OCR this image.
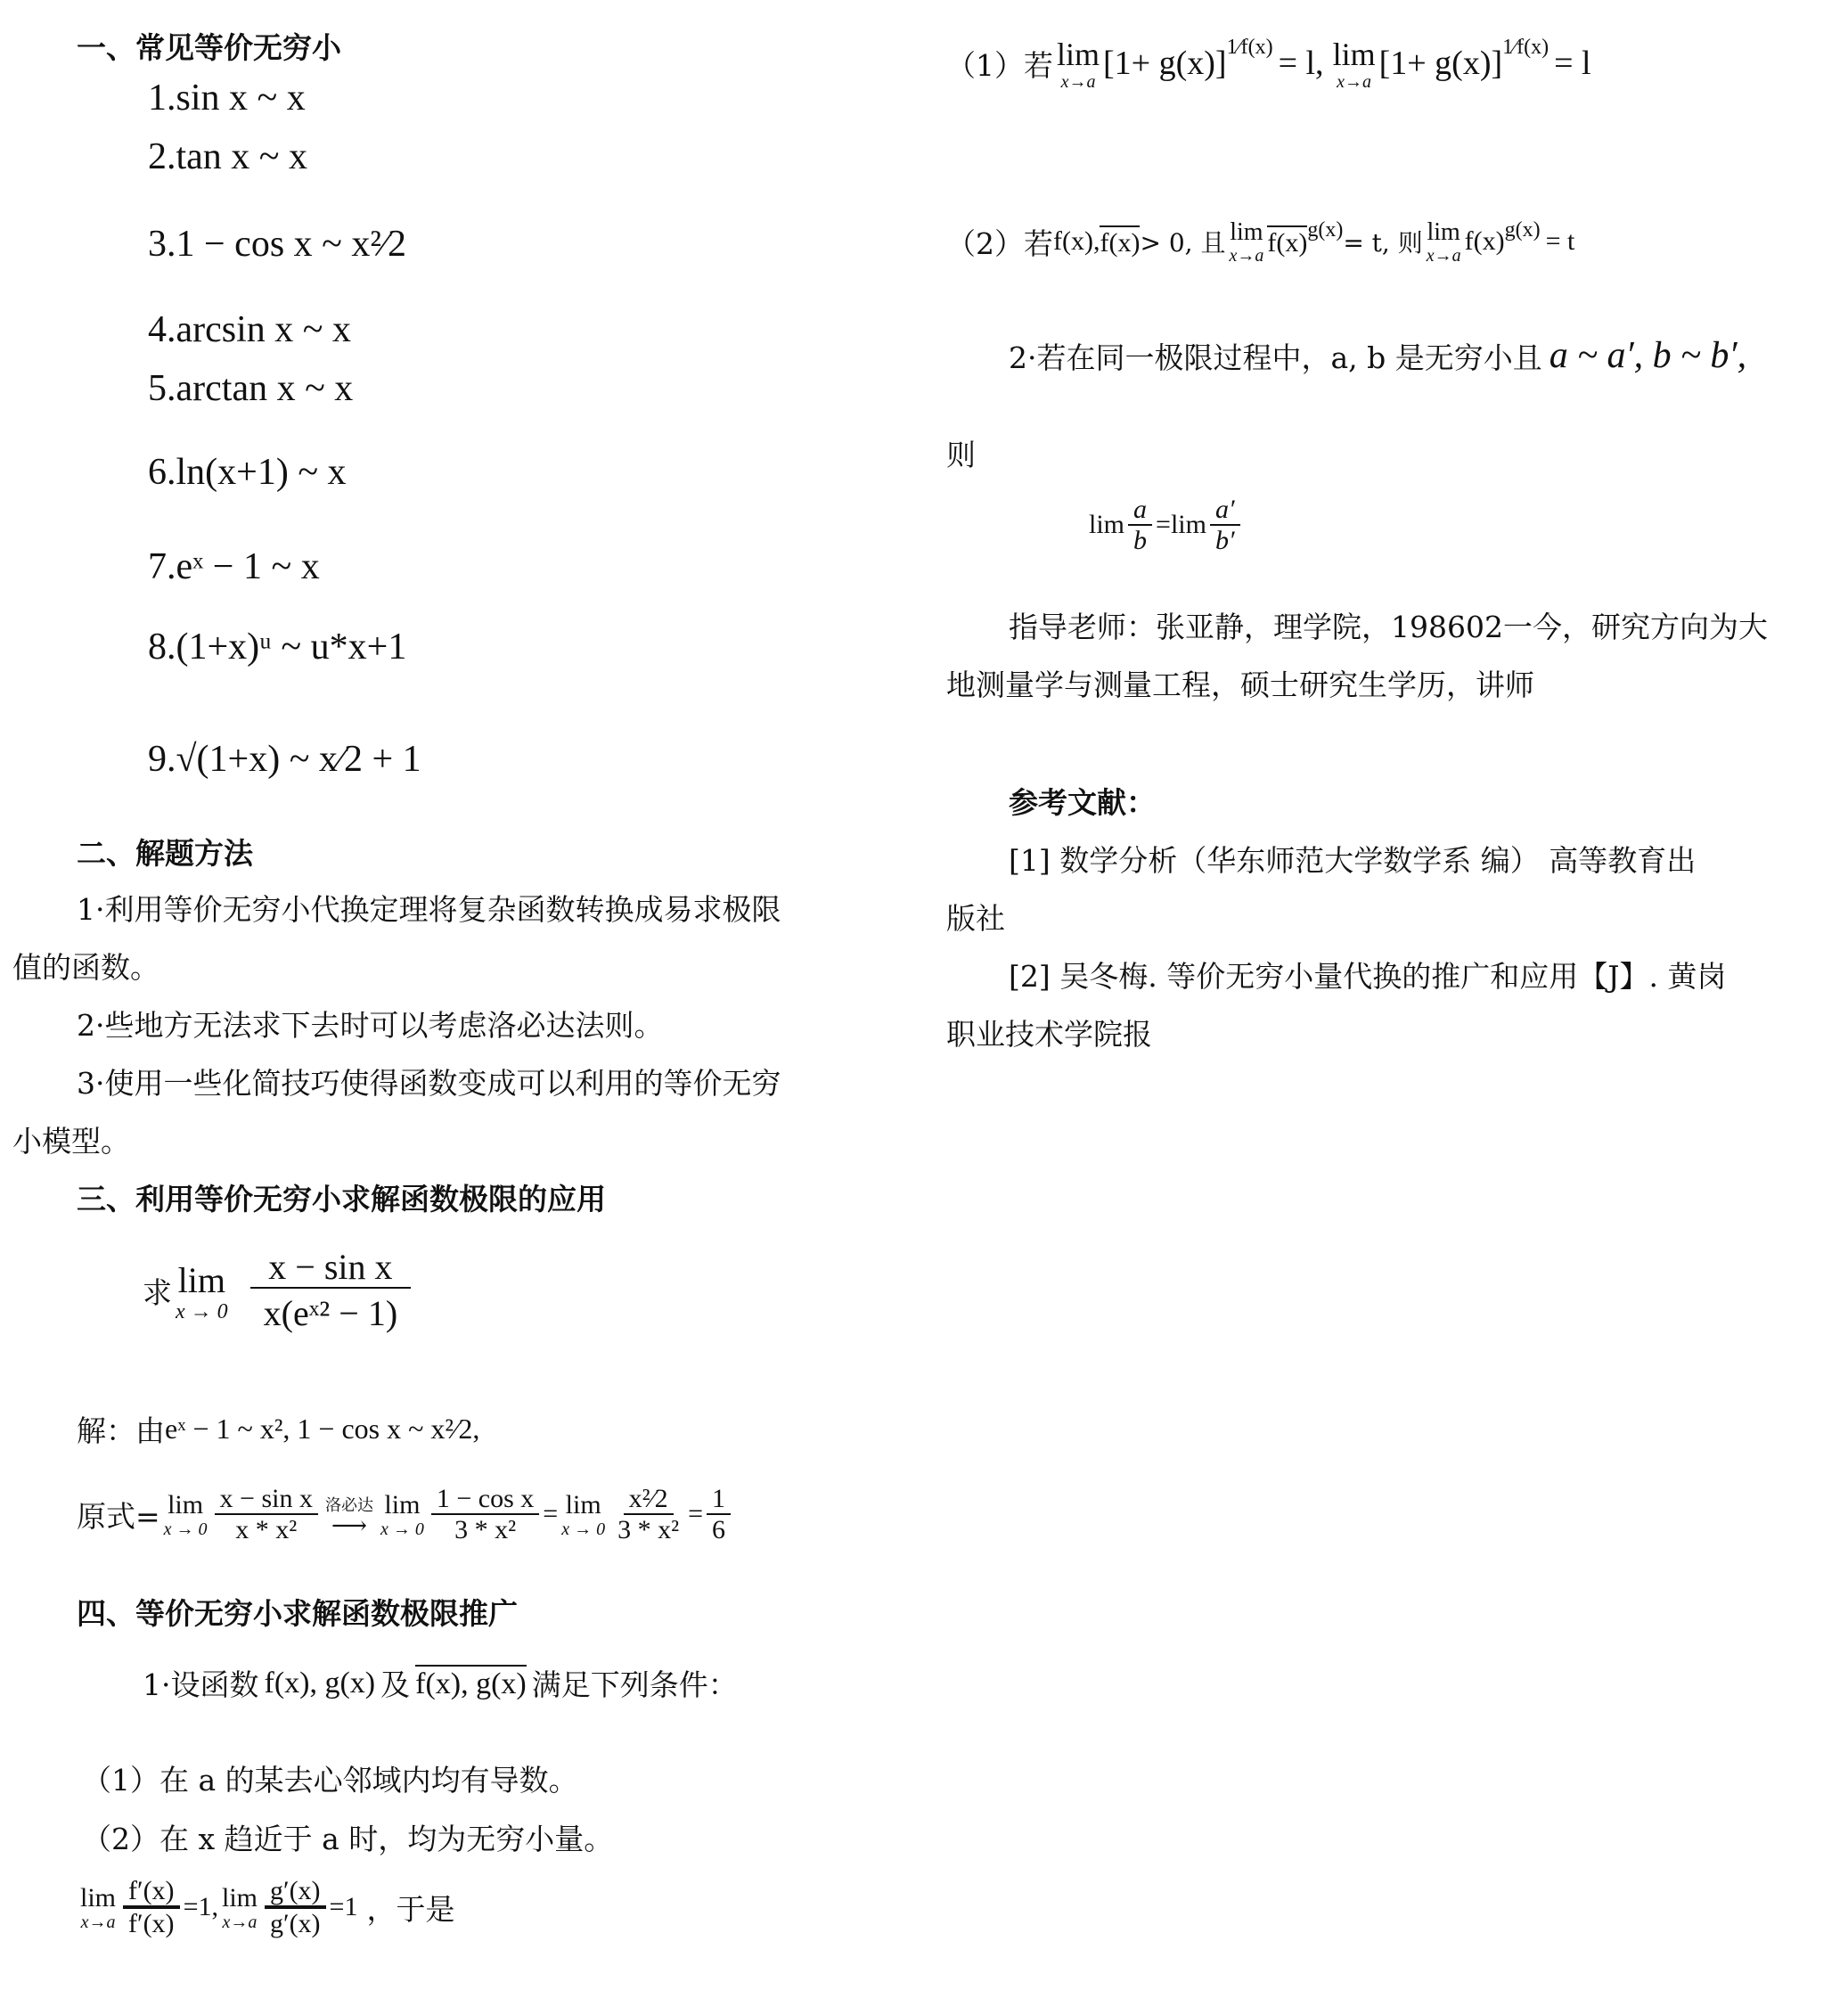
一、常见等价无穷小
1.sin x ~ x
2.tan x ~ x
3.1 − cos x ~ x²⁄2
4.arcsin x ~ x
5.arctan x ~ x
6.ln(x+1) ~ x
7.eˣ − 1 ~ x
8.(1+x)ᵘ ~ u*x+1
9.√(1+x) ~ x⁄2 + 1
二、解题方法
1·利用等价无穷小代换定理将复杂函数转换成易求极限
值的函数。
2·些地方无法求下去时可以考虑洛必达法则。
3·使用一些化简技巧使得函数变成可以利用的等价无穷
小模型。
三、利用等价无穷小求解函数极限的应用
求 lim
$x \to 0 \frac{\text{x − sin x}}{\text{x(eˣ² − 1)}}$
解：由 eˣ − 1 ~ x², 1 − cos x ~ x²⁄2,
原式= lim
$x \to 0 \frac{\text{x − sin x}}{\text{x * x²}}$ 洛必达
⟶
lim
$x \to 0 \frac{\text{1 − cos x}}{\text{3 * x²}} = \lim$
$x \to 0 \frac{\text{x²⁄2}}{\text{3 * x²}} = \frac{1}{6}$
四、等价无穷小求解函数极限推广
1·设函数 f(x), g(x) 及 f(x), g(x) 满足下列条件：
（1）在 a 的某去心邻域内均有导数。
（2）在 x 趋近于 a 时，均为无穷小量。
lim
$x\to a \frac{f'(x)}{f'(x)} =1$, lim
$x\to a \frac{g'(x)}{g'(x)} =1$ ，于是
（1）若 lim
x→a [1+ g(x)] 1⁄f(x) = l, lim
x→a [1+ g(x)] 1⁄f(x) = l
（2）若 f(x), f(x) > 0, 且 lim
x→a f(x) g(x) = t, 则 lim
x→a f(x) g(x) = t
2·若在同一极限过程中，a, b 是无穷小且 a ~ a′, b ~ b′,
则
$\lim \frac{a}{b} = \lim \frac{a'}{b'}$
指导老师：张亚静，理学院，198602一今，研究方向为大
地测量学与测量工程，硕士研究生学历，讲师
参考文献：
[1] 数学分析（华东师范大学数学系 编） 高等教育出
版社
[2] 吴冬梅. 等价无穷小量代换的推广和应用【J】. 黄岗
职业技术学院报
